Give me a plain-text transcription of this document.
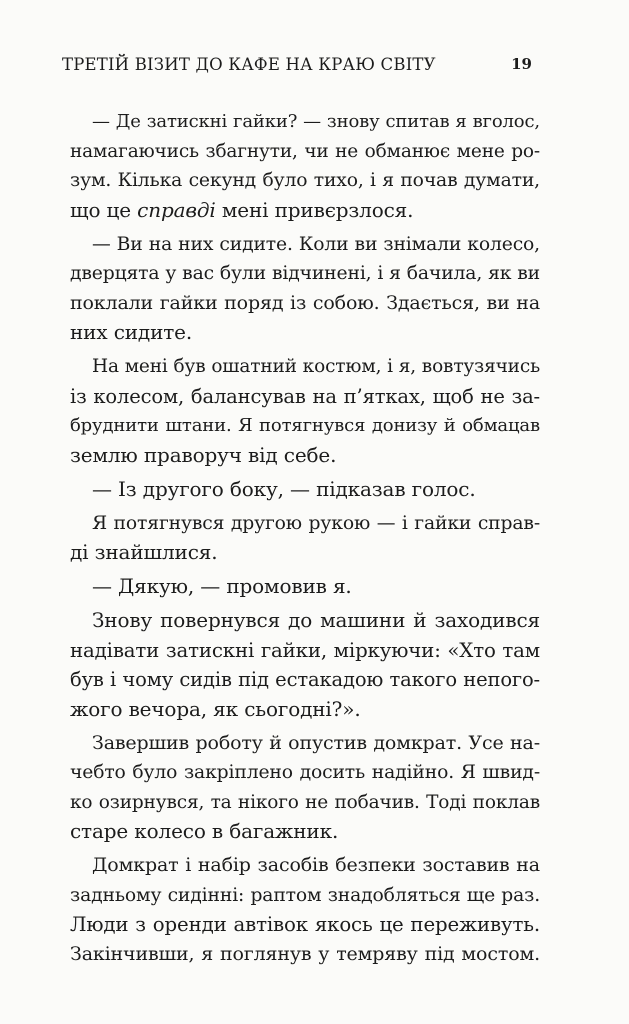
ТРЕТІЙ ВІЗИТ ДО КАФЕ НА КРАЮ СВІТУ	19
— Де затискні гайки? — знову спитав я вголос,
намагаючись збагнути, чи не обманює мене ро-
зум. Кілька секунд було тихо, і я почав думати,
що це справді мені привєрзлося.
— Ви на них сидите. Коли ви знімали колесо,
дверцята у вас були відчинені, і я бачила, як ви
поклали гайки поряд із собою. Здається, ви на
них сидите.
На мені був ошатний костюм, і я, вовтузячись
із колесом, балансував на п’ятках, щоб не за-
бруднити штани. Я потягнувся донизу й обмацав
землю праворуч від себе.
— Із другого боку, — підказав голос.
Я потягнувся другою рукою — і гайки справ-
ді знайшлися.
— Дякую, — промовив я.
Знову повернувся до машини й заходився
надівати затискні гайки, міркуючи: «Хто там
був і чому сидів під естакадою такого непого-
жого вечора, як сьогодні?».
Завершив роботу й опустив домкрат. Усе на-
чебто було закріплено досить надійно. Я швид-
ко озирнувся, та нікого не побачив. Тоді поклав
старе колесо в багажник.
Домкрат і набір засобів безпеки зоставив на
задньому сидінні: раптом знадобляться ще раз.
Люди з оренди автівок якось це переживуть.
Закінчивши, я поглянув у темряву під мостом.
